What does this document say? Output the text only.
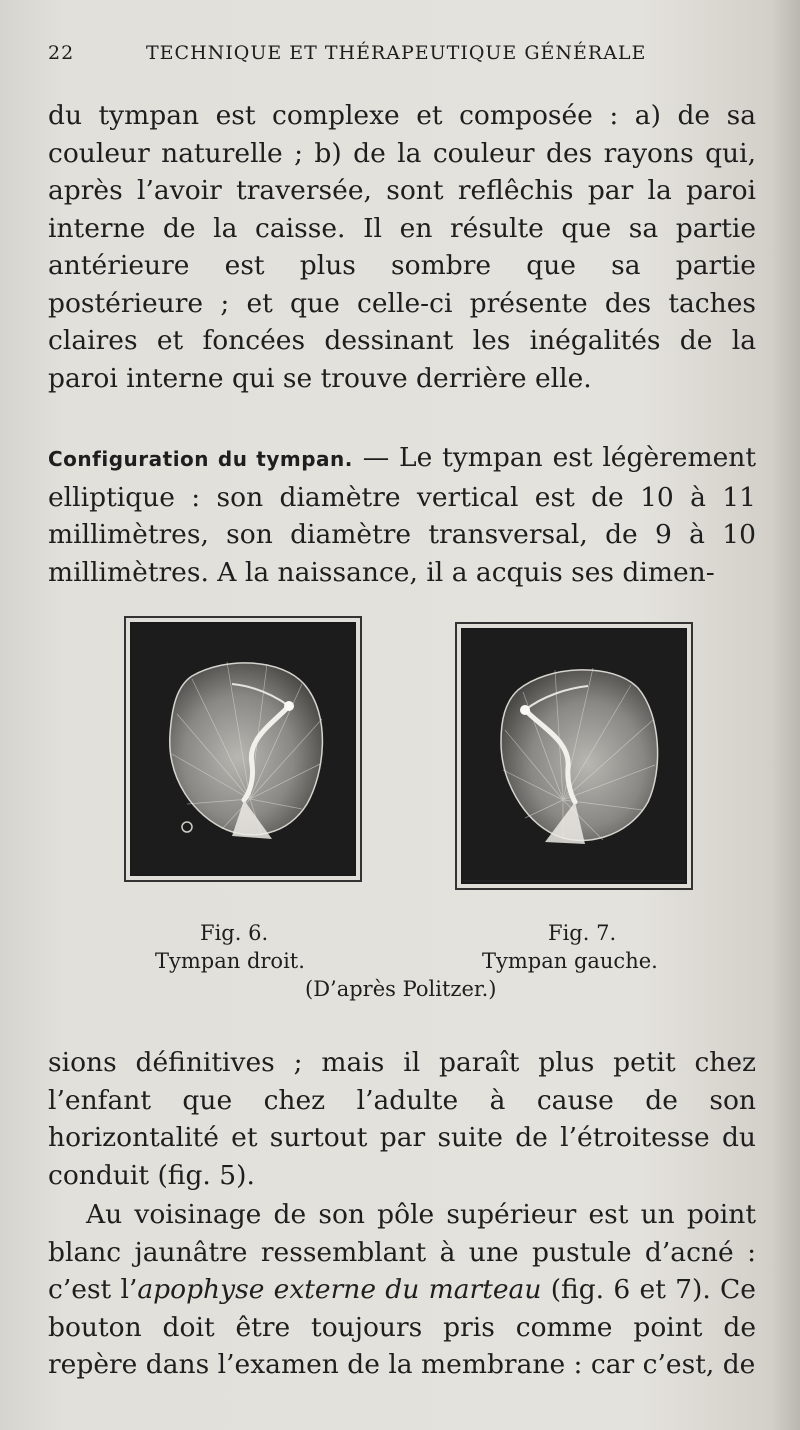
22	TECHNIQUE ET THÉRAPEUTIQUE GÉNÉRALE

du tympan est complexe et composée : a) de sa couleur naturelle ; b) de la couleur des rayons qui, après l’avoir traversée, sont reflêchis par la paroi interne de la caisse. Il en résulte que sa partie antérieure est plus sombre que sa partie postérieure ; et que celle-ci présente des taches claires et foncées dessinant les inégalités de la paroi interne qui se trouve derrière elle.

Configuration du tympan. — Le tympan est légèrement elliptique : son diamètre vertical est de 10 à 11 millimètres, son diamètre transversal, de 9 à 10 millimètres. A la naissance, il a acquis ses dimen-

Fig. 6.
Tympan droit.
Fig. 7.
Tympan gauche.
(D’après Politzer.)

sions définitives ; mais il paraît plus petit chez l’enfant que chez l’adulte à cause de son horizontalité et surtout par suite de l’étroitesse du conduit (fig. 5).

Au voisinage de son pôle supérieur est un point blanc jaunâtre ressemblant à une pustule d’acné : c’est l’apophyse externe du marteau (fig. 6 et 7). Ce bouton doit être toujours pris comme point de repère dans l’examen de la membrane : car c’est, de
